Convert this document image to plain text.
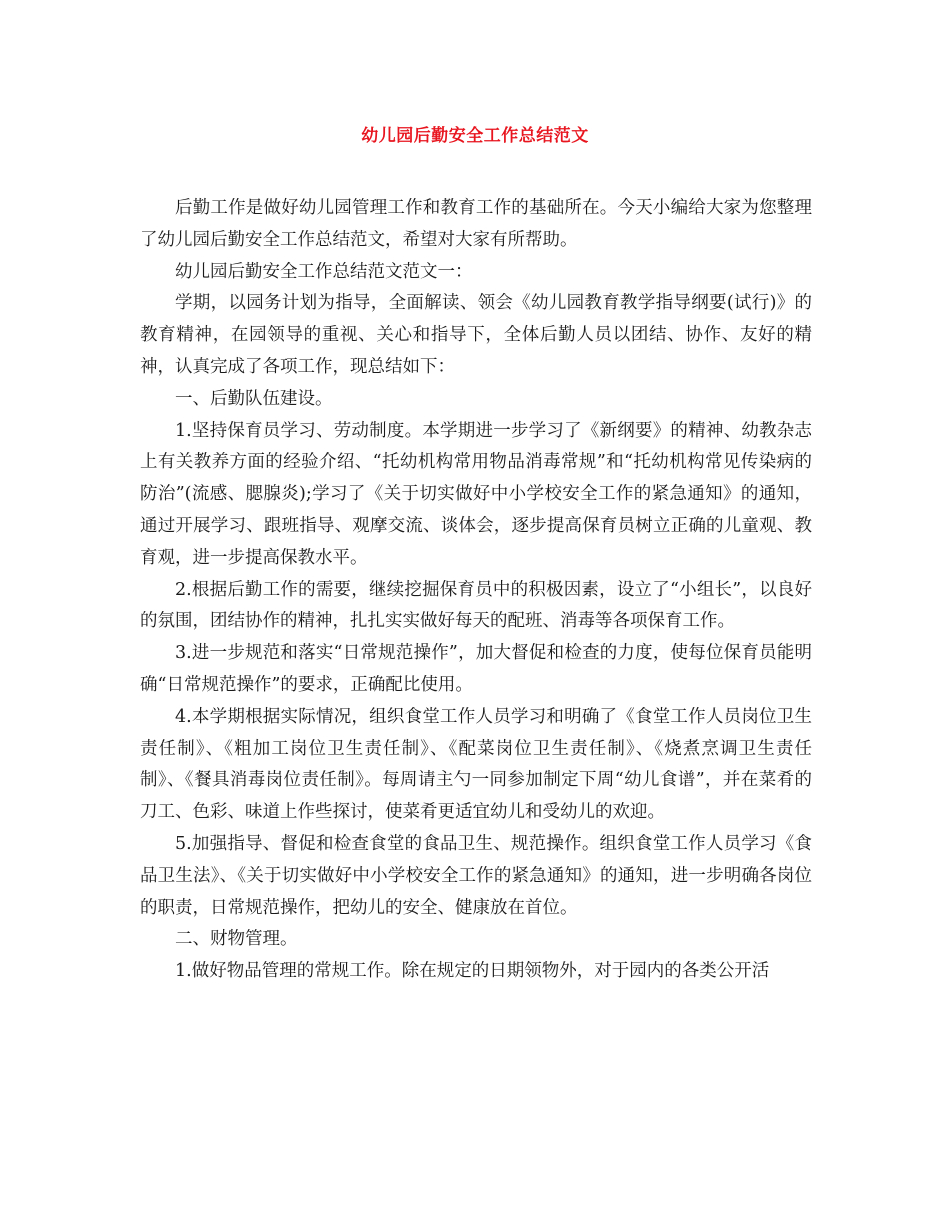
幼儿园后勤安全工作总结范文

后勤工作是做好幼儿园管理工作和教育工作的基础所在。今天小编给大家为您整理了幼儿园后勤安全工作总结范文，希望对大家有所帮助。

幼儿园后勤安全工作总结范文范文一：

学期，以园务计划为指导，全面解读、领会《幼儿园教育教学指导纲要(试行)》的教育精神，在园领导的重视、关心和指导下，全体后勤人员以团结、协作、友好的精神，认真完成了各项工作，现总结如下：

一、后勤队伍建设。

1.坚持保育员学习、劳动制度。本学期进一步学习了《新纲要》的精神、幼教杂志上有关教养方面的经验介绍、“托幼机构常用物品消毒常规”和“托幼机构常见传染病的防治”(流感、腮腺炎);学习了《关于切实做好中小学校安全工作的紧急通知》的通知，通过开展学习、跟班指导、观摩交流、谈体会，逐步提高保育员树立正确的儿童观、教育观，进一步提高保教水平。

2.根据后勤工作的需要，继续挖掘保育员中的积极因素，设立了“小组长”，以良好的氛围，团结协作的精神，扎扎实实做好每天的配班、消毒等各项保育工作。

3.进一步规范和落实“日常规范操作”，加大督促和检查的力度，使每位保育员能明确“日常规范操作”的要求，正确配比使用。

4.本学期根据实际情况，组织食堂工作人员学习和明确了《食堂工作人员岗位卫生责任制》、《粗加工岗位卫生责任制》、《配菜岗位卫生责任制》、《烧煮烹调卫生责任制》、《餐具消毒岗位责任制》。每周请主勺一同参加制定下周“幼儿食谱”，并在菜肴的刀工、色彩、味道上作些探讨，使菜肴更适宜幼儿和受幼儿的欢迎。

5.加强指导、督促和检查食堂的食品卫生、规范操作。组织食堂工作人员学习《食品卫生法》、《关于切实做好中小学校安全工作的紧急通知》的通知，进一步明确各岗位的职责，日常规范操作，把幼儿的安全、健康放在首位。

二、财物管理。

1.做好物品管理的常规工作。除在规定的日期领物外，对于园内的各类公开活
